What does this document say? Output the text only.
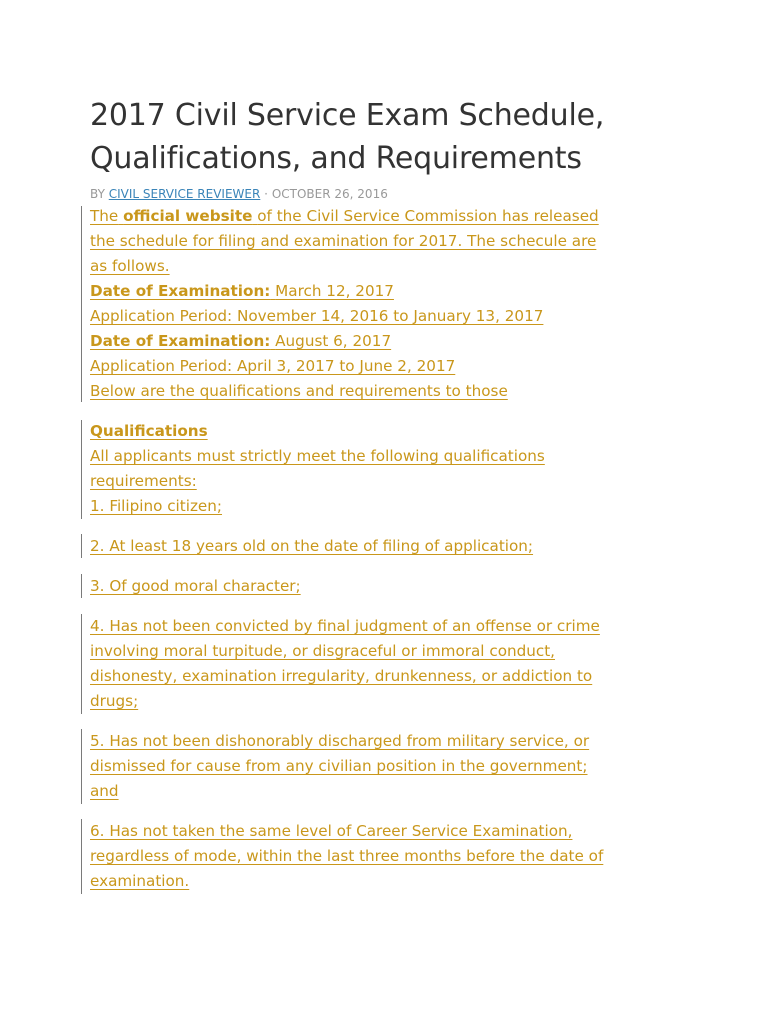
2017 Civil Service Exam Schedule, Qualifications, and Requirements
BY CIVIL SERVICE REVIEWER · OCTOBER 26, 2016
The official website of the Civil Service Commission has released
the schedule for filing and examination for 2017. The schecule are
as follows.
Date of Examination: March 12, 2017
Application Period: November 14, 2016 to January 13, 2017
Date of Examination: August 6, 2017
Application Period: April 3, 2017 to June 2, 2017
Below are the qualifications and requirements to those
Qualifications
All applicants must strictly meet the following qualifications
requirements:
1. Filipino citizen;
2. At least 18 years old on the date of filing of application;
3. Of good moral character;
4. Has not been convicted by final judgment of an offense or crime
involving moral turpitude, or disgraceful or immoral conduct,
dishonesty, examination irregularity, drunkenness, or addiction to
drugs;
5. Has not been dishonorably discharged from military service, or
dismissed for cause from any civilian position in the government;
and
6. Has not taken the same level of Career Service Examination,
regardless of mode, within the last three months before the date of
examination.
